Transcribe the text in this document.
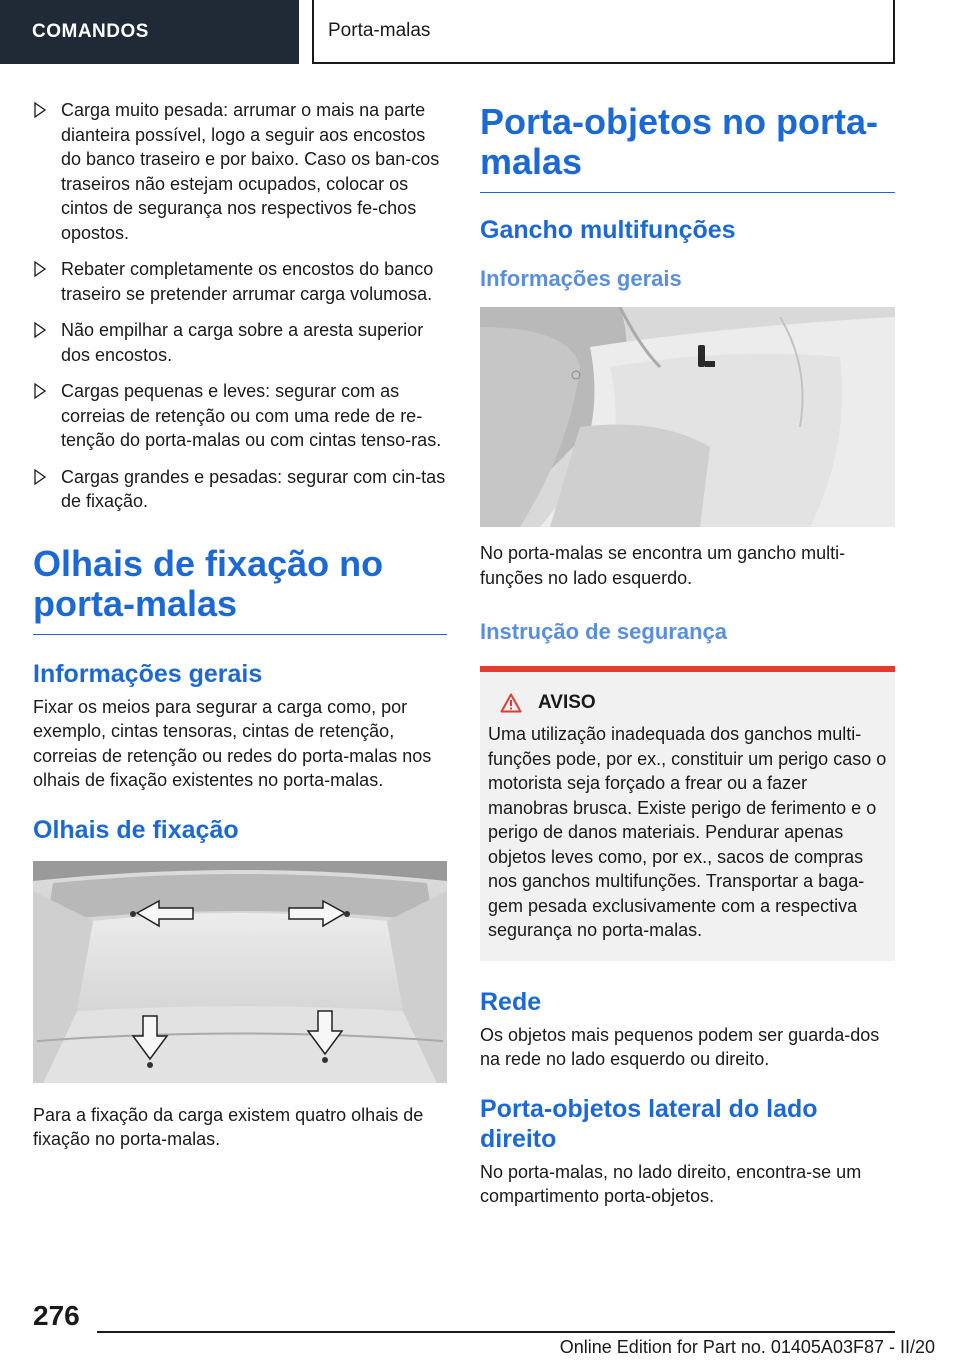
COMANDOS	Porta-malas
Carga muito pesada: arrumar o mais na parte dianteira possível, logo a seguir aos encostos do banco traseiro e por baixo. Caso os ban-cos traseiros não estejam ocupados, colocar os cintos de segurança nos respectivos fe-chos opostos.
Rebater completamente os encostos do banco traseiro se pretender arrumar carga volumosa.
Não empilhar a carga sobre a aresta superior dos encostos.
Cargas pequenas e leves: segurar com as correias de retenção ou com uma rede de re-tenção do porta-malas ou com cintas tenso-ras.
Cargas grandes e pesadas: segurar com cin-tas de fixação.
Olhais de fixação no porta-malas
Informações gerais

Fixar os meios para segurar a carga como, por exemplo, cintas tensoras, cintas de retenção, correias de retenção ou redes do porta-malas nos olhais de fixação existentes no porta-malas.

Olhais de fixação

Para a fixação da carga existem quatro olhais de fixação no porta-malas.

Porta-objetos no porta-malas
Gancho multifunções
Informações gerais

No porta-malas se encontra um gancho multi-funções no lado esquerdo.

Instrução de segurança
AVISO

Uma utilização inadequada dos ganchos multi-funções pode, por ex., constituir um perigo caso o motorista seja forçado a frear ou a fazer manobras brusca. Existe perigo de ferimento e o perigo de danos materiais. Pendurar apenas objetos leves como, por ex., sacos de compras nos ganchos multifunções. Transportar a baga-gem pesada exclusivamente com a respectiva segurança no porta-malas.

Rede

Os objetos mais pequenos podem ser guarda-dos na rede no lado esquerdo ou direito.

Porta-objetos lateral do lado direito

No porta-malas, no lado direito, encontra-se um compartimento porta-objetos.

276
Online Edition for Part no. 01405A03F87 - II/20
carmanualsonline.info
